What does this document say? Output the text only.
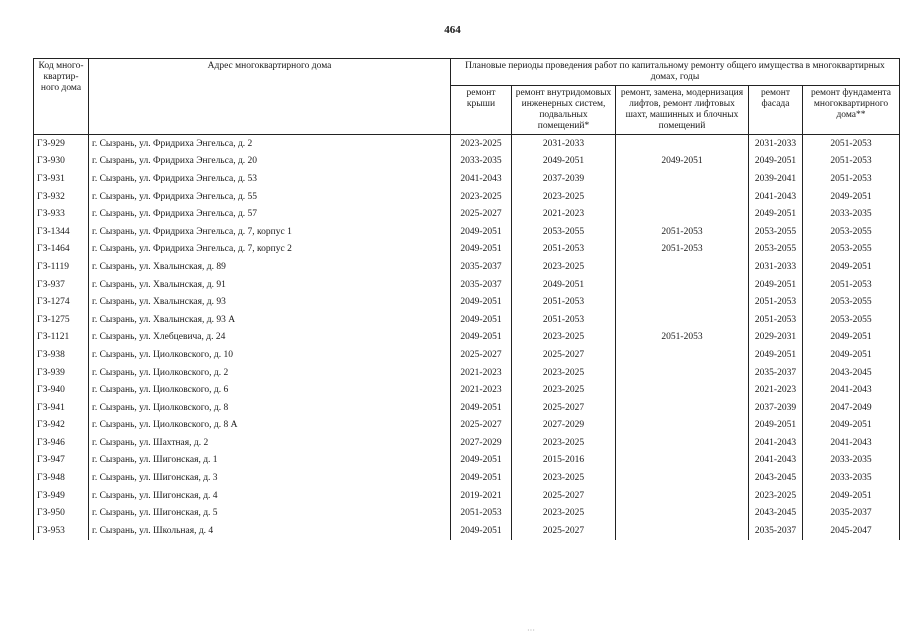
464
Код много-квартир-ного дома	Адрес многоквартирного дома	Плановые периоды проведения работ по капитальному ремонту общего имущества в многоквартирных домах, годы				
		ремонт крыши	ремонт внутридомовых инженерных систем, подвальных помещений*	ремонт, замена, модернизация лифтов, ремонт лифтовых шахт, машинных и блочных помещений	ремонт фасада	ремонт фундамента многоквартирного дома**
ГЗ-929	г. Сызрань, ул. Фридриха Энгельса, д. 2	2023-2025	2031-2033		2031-2033	2051-2053
ГЗ-930	г. Сызрань, ул. Фридриха Энгельса, д. 20	2033-2035	2049-2051	2049-2051	2049-2051	2051-2053
ГЗ-931	г. Сызрань, ул. Фридриха Энгельса, д. 53	2041-2043	2037-2039		2039-2041	2051-2053
ГЗ-932	г. Сызрань, ул. Фридриха Энгельса, д. 55	2023-2025	2023-2025		2041-2043	2049-2051
ГЗ-933	г. Сызрань, ул. Фридриха Энгельса, д. 57	2025-2027	2021-2023		2049-2051	2033-2035
ГЗ-1344	г. Сызрань, ул. Фридриха Энгельса, д. 7, корпус 1	2049-2051	2053-2055	2051-2053	2053-2055	2053-2055
ГЗ-1464	г. Сызрань, ул. Фридриха Энгельса, д. 7, корпус 2	2049-2051	2051-2053	2051-2053	2053-2055	2053-2055
ГЗ-1119	г. Сызрань, ул. Хвалынская, д. 89	2035-2037	2023-2025		2031-2033	2049-2051
ГЗ-937	г. Сызрань, ул. Хвалынская, д. 91	2035-2037	2049-2051		2049-2051	2051-2053
ГЗ-1274	г. Сызрань, ул. Хвалынская, д. 93	2049-2051	2051-2053		2051-2053	2053-2055
ГЗ-1275	г. Сызрань, ул. Хвалынская, д. 93 А	2049-2051	2051-2053		2051-2053	2053-2055
ГЗ-1121	г. Сызрань, ул. Хлебцевича, д. 24	2049-2051	2023-2025	2051-2053	2029-2031	2049-2051
ГЗ-938	г. Сызрань, ул. Циолковского, д. 10	2025-2027	2025-2027		2049-2051	2049-2051
ГЗ-939	г. Сызрань, ул. Циолковского, д. 2	2021-2023	2023-2025		2035-2037	2043-2045
ГЗ-940	г. Сызрань, ул. Циолковского, д. 6	2021-2023	2023-2025		2021-2023	2041-2043
ГЗ-941	г. Сызрань, ул. Циолковского, д. 8	2049-2051	2025-2027		2037-2039	2047-2049
ГЗ-942	г. Сызрань, ул. Циолковского, д. 8 А	2025-2027	2027-2029		2049-2051	2049-2051
ГЗ-946	г. Сызрань, ул. Шахтная, д. 2	2027-2029	2023-2025		2041-2043	2041-2043
ГЗ-947	г. Сызрань, ул. Шигонская, д. 1	2049-2051	2015-2016		2041-2043	2033-2035
ГЗ-948	г. Сызрань, ул. Шигонская, д. 3	2049-2051	2023-2025		2043-2045	2033-2035
ГЗ-949	г. Сызрань, ул. Шигонская, д. 4	2019-2021	2025-2027		2023-2025	2049-2051
ГЗ-950	г. Сызрань, ул. Шигонская, д. 5	2051-2053	2023-2025		2043-2045	2035-2037
ГЗ-953	г. Сызрань, ул. Школьная, д. 4	2049-2051	2025-2027		2035-2037	2045-2047
···
